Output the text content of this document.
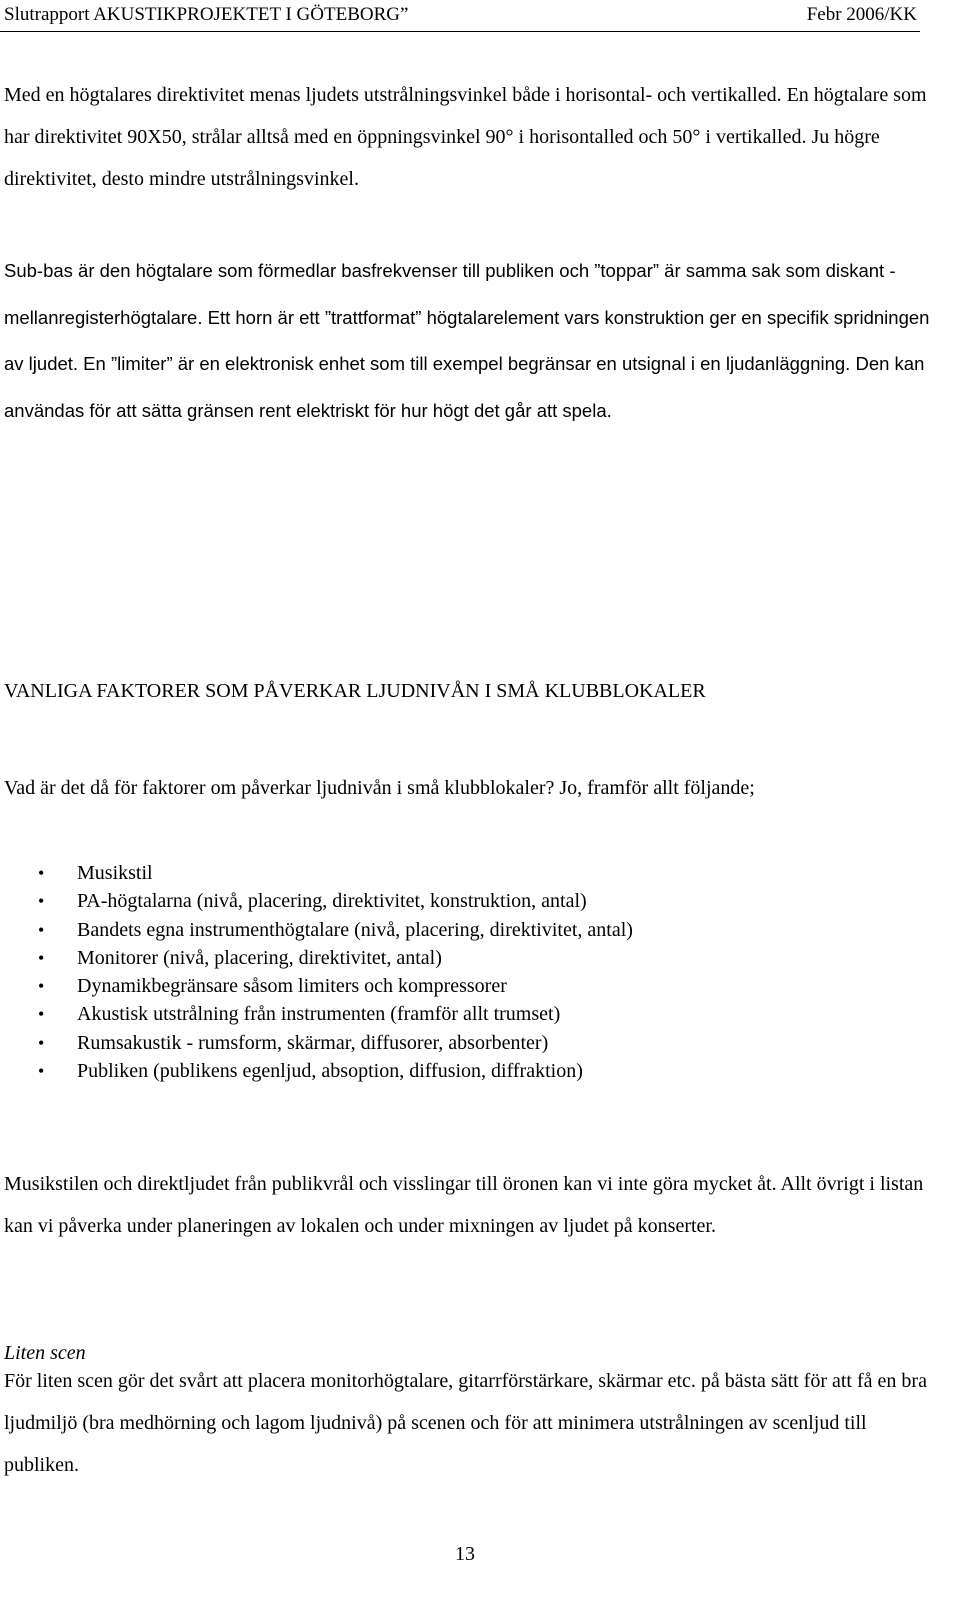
Slutrapport AKUSTIKPROJEKTET I GÖTEBORG”	Febr 2006/KK

Med en högtalares direktivitet menas ljudets utstrålningsvinkel både i horisontal- och vertikalled. En högtalare som har direktivitet 90X50, strålar alltså med en öppningsvinkel 90° i horisontalled och 50° i vertikalled. Ju högre direktivitet, desto mindre utstrålningsvinkel.

Sub-bas är den högtalare som förmedlar basfrekvenser till publiken och ”toppar” är samma sak som diskant - mellanregisterhögtalare. Ett horn är ett ”trattformat” högtalarelement vars konstruktion ger en specifik spridningen av ljudet. En ”limiter” är en elektronisk enhet som till exempel begränsar en utsignal i en ljudanläggning. Den kan användas för att sätta gränsen rent elektriskt för hur högt det går att spela.

VANLIGA FAKTORER SOM PÅVERKAR LJUDNIVÅN I SMÅ KLUBBLOKALER
Vad är det då för faktorer om påverkar ljudnivån i små klubblokaler? Jo, framför allt följande;
• Musikstil
• PA-högtalarna (nivå, placering, direktivitet, konstruktion, antal)
• Bandets egna instrumenthögtalare (nivå, placering, direktivitet, antal)
• Monitorer (nivå, placering, direktivitet, antal)
• Dynamikbegränsare såsom limiters och kompressorer
• Akustisk utstrålning från instrumenten (framför allt trumset)
• Rumsakustik - rumsform, skärmar, diffusorer, absorbenter)
• Publiken (publikens egenljud, absoption, diffusion, diffraktion)

Musikstilen och direktljudet från publikvrål och visslingar till öronen kan vi inte göra mycket åt. Allt övrigt i listan kan vi påverka under planeringen av lokalen och under mixningen av ljudet på konserter.

Liten scen

För liten scen gör det svårt att placera monitorhögtalare, gitarrförstärkare, skärmar etc. på bästa sätt för att få en bra ljudmiljö (bra medhörning och lagom ljudnivå) på scenen och för att minimera utstrålningen av scenljud till publiken.

13
